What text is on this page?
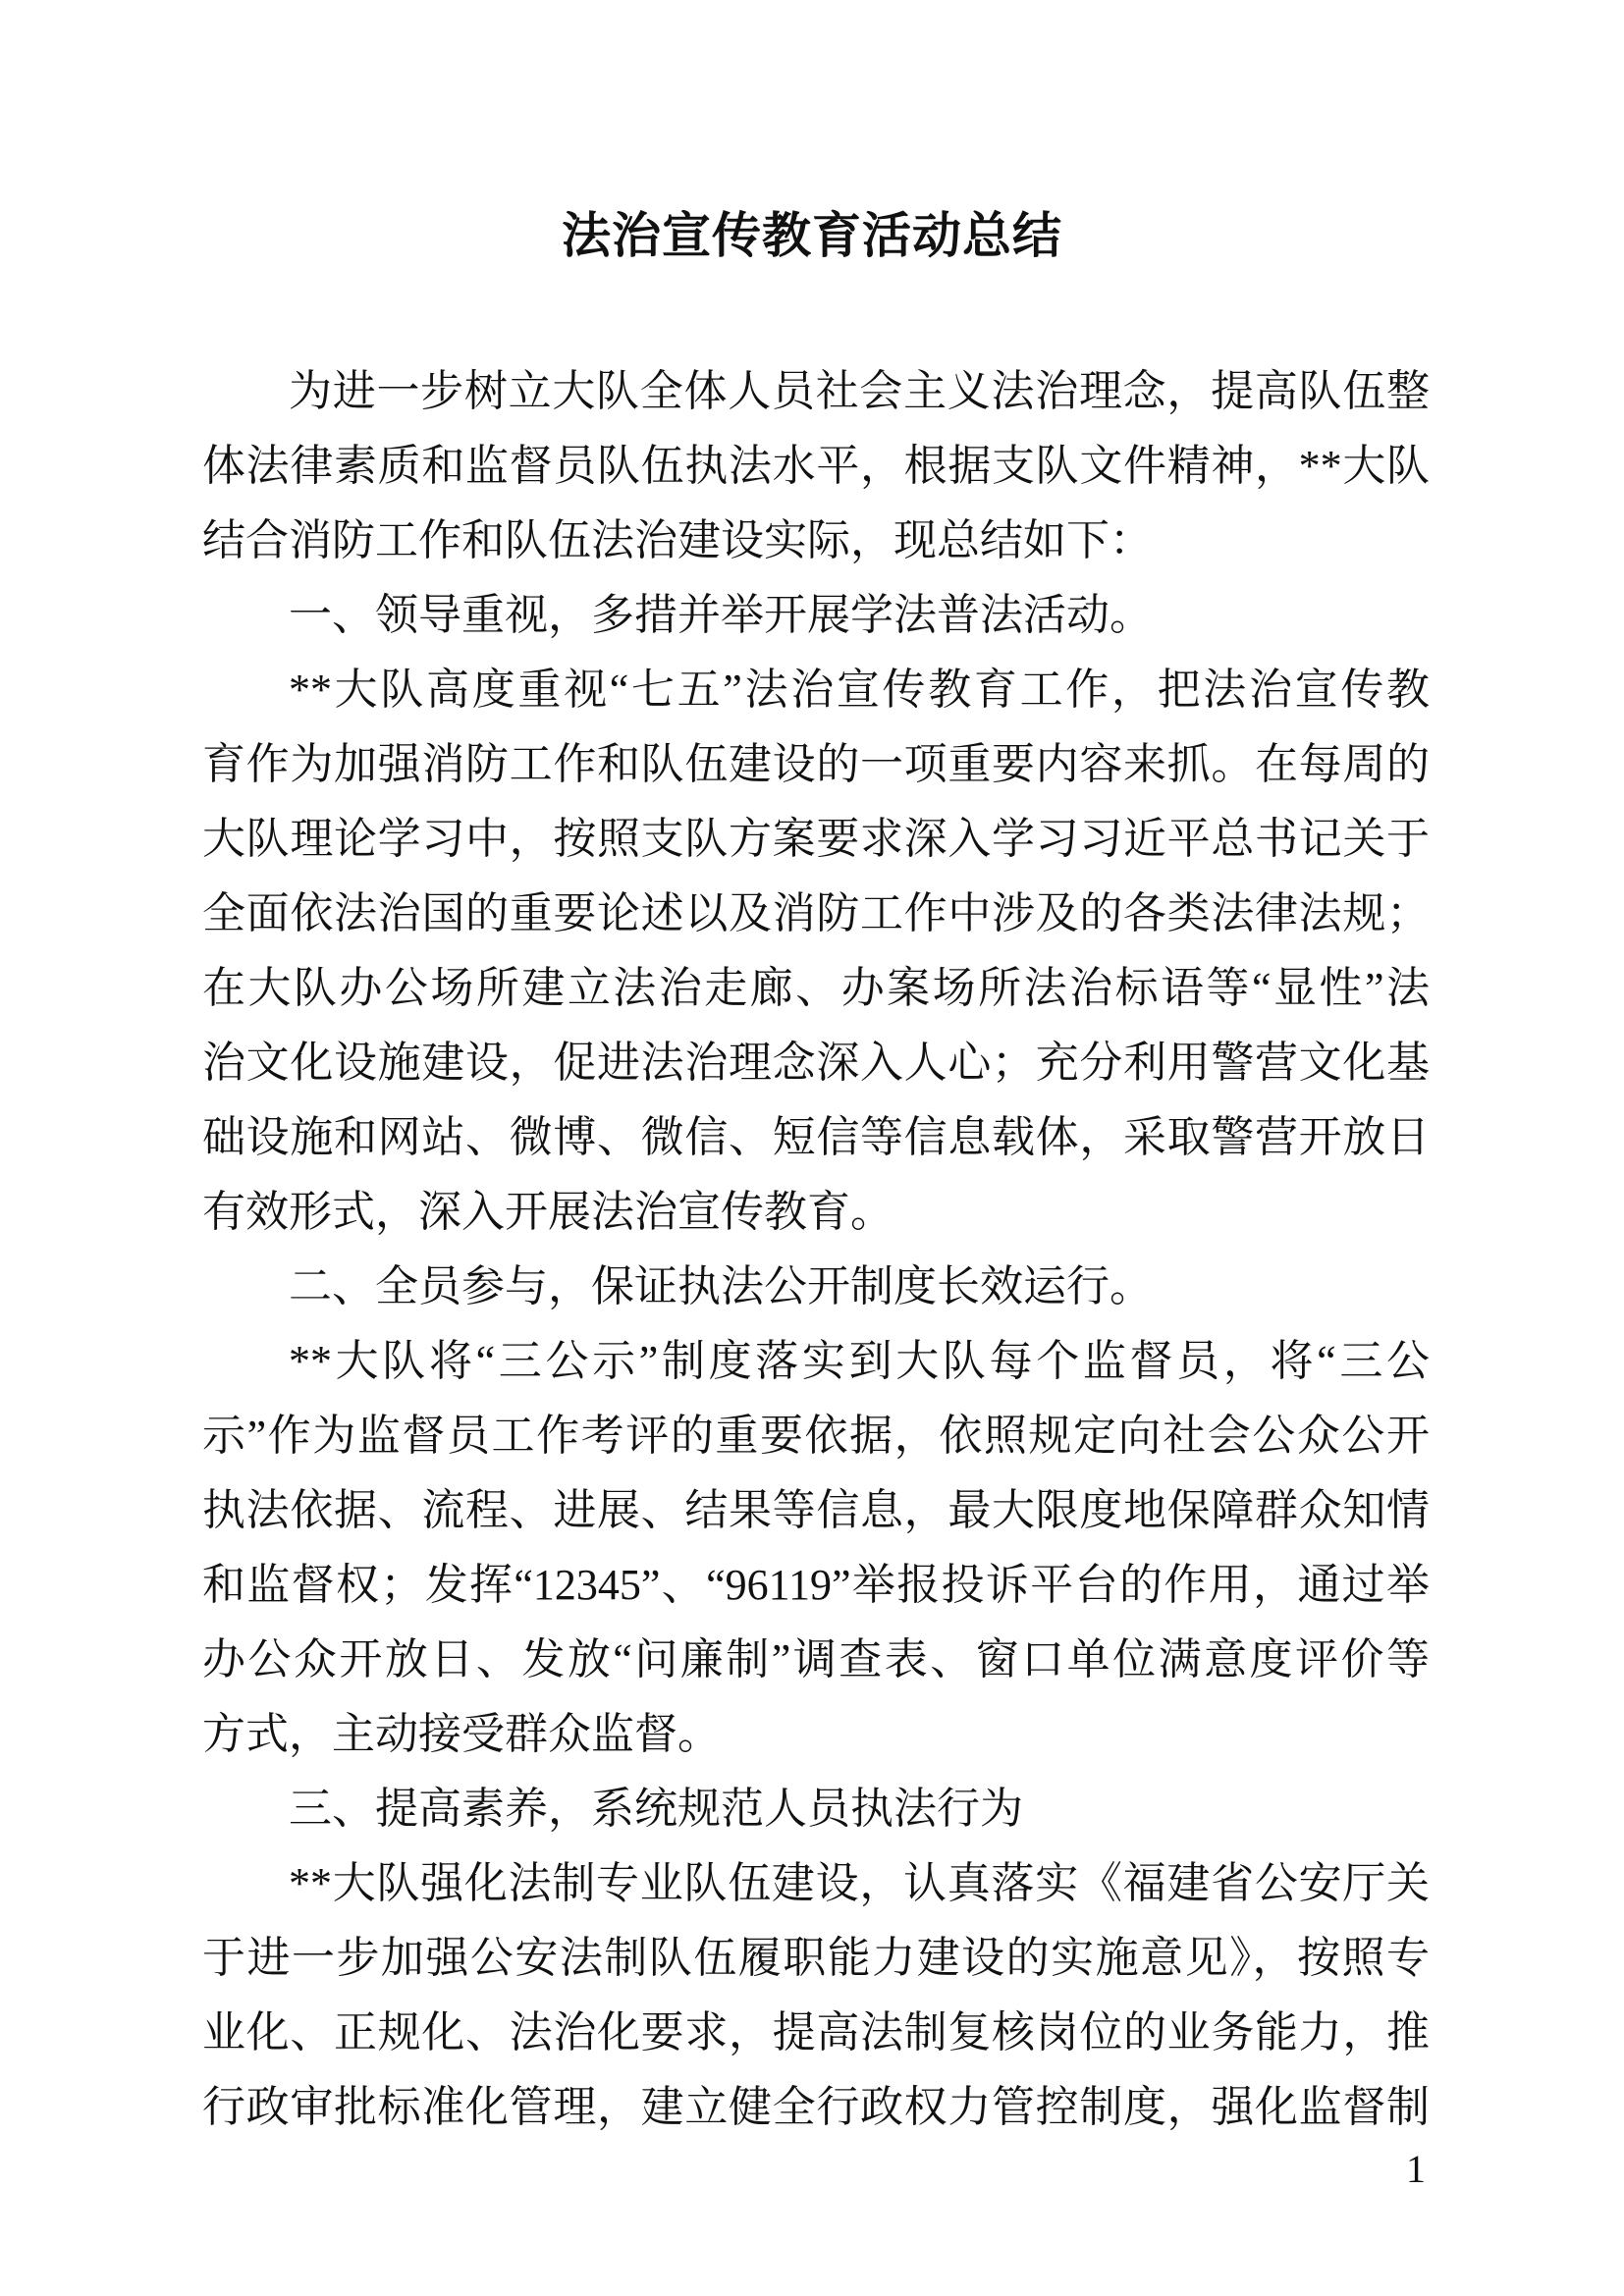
法治宣传教育活动总结
为进一步树立大队全体人员社会主义法治理念，提高队伍整
体法律素质和监督员队伍执法水平，根据支队文件精神，**大队
结合消防工作和队伍法治建设实际，现总结如下：
一、领导重视，多措并举开展学法普法活动。
**大队高度重视“七五”法治宣传教育工作，把法治宣传教
育作为加强消防工作和队伍建设的一项重要内容来抓。在每周的
大队理论学习中，按照支队方案要求深入学习习近平总书记关于
全面依法治国的重要论述以及消防工作中涉及的各类法律法规；
在大队办公场所建立法治走廊、办案场所法治标语等“显性”法
治文化设施建设，促进法治理念深入人心；充分利用警营文化基
础设施和网站、微博、微信、短信等信息载体，采取警营开放日
有效形式，深入开展法治宣传教育。
二、全员参与，保证执法公开制度长效运行。
**大队将“三公示”制度落实到大队每个监督员，将“三公
示”作为监督员工作考评的重要依据，依照规定向社会公众公开
执法依据、流程、进展、结果等信息，最大限度地保障群众知情
和监督权；发挥“12345”、“96119”举报投诉平台的作用，通过举
办公众开放日、发放“问廉制”调查表、窗口单位满意度评价等
方式，主动接受群众监督。
三、提高素养，系统规范人员执法行为
**大队强化法制专业队伍建设，认真落实《福建省公安厅关
于进一步加强公安法制队伍履职能力建设的实施意见》，按照专
业化、正规化、法治化要求，提高法制复核岗位的业务能力，推
行政审批标准化管理，建立健全行政权力管控制度，强化监督制
1
